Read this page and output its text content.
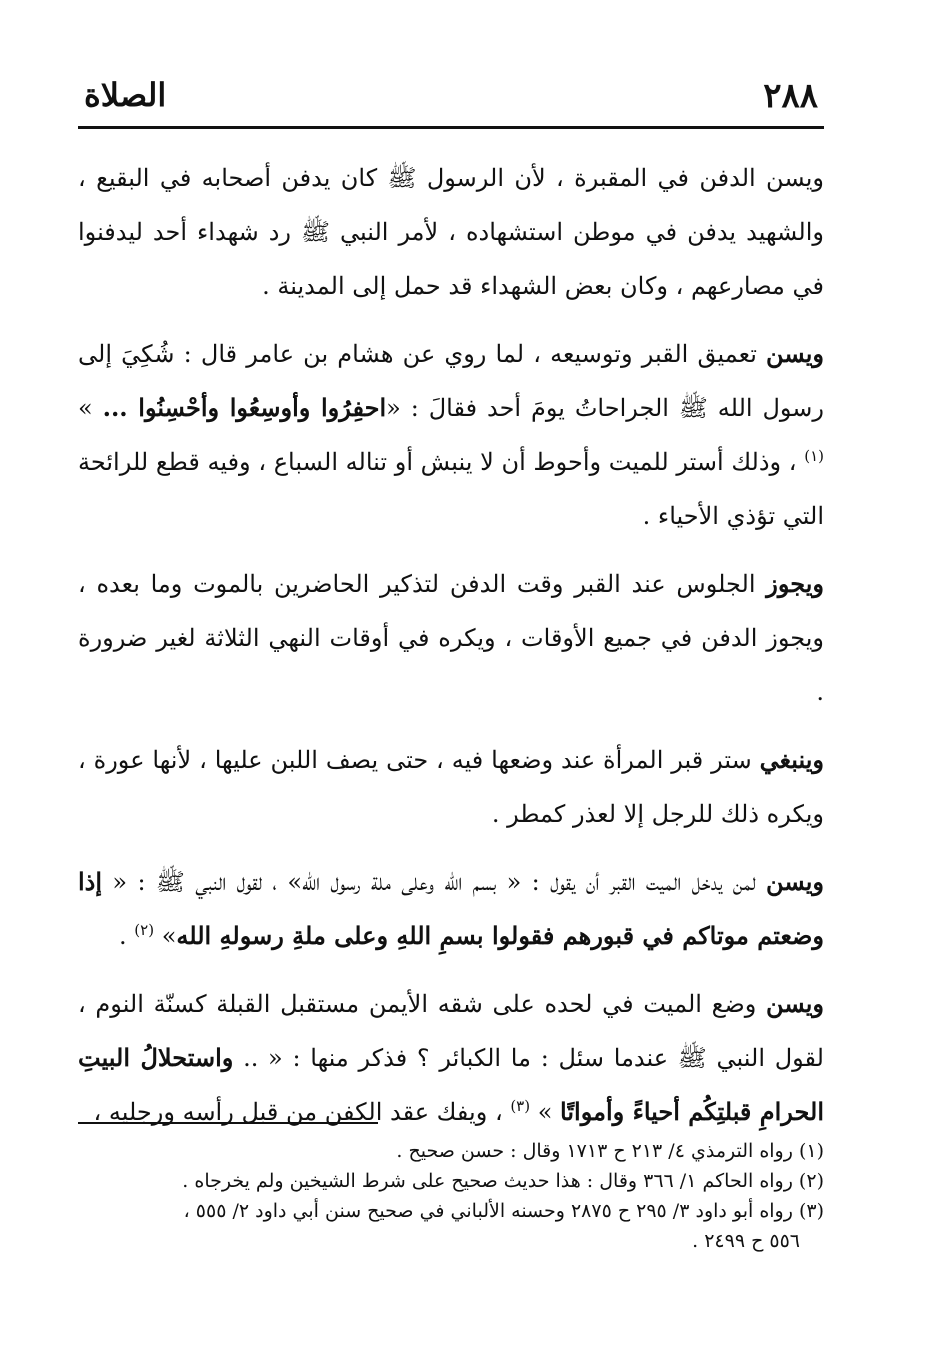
٢٨٨
الصلاة

ويسن الدفن في المقبرة ، لأن الرسول ﷺ كان يدفن أصحابه في البقيع ، والشهيد يدفن في موطن استشهاده ، لأمر النبي ﷺ رد شهداء أحد ليدفنوا في مصارعهم ، وكان بعض الشهداء قد حمل إلى المدينة .

ويسن تعميق القبر وتوسيعه ، لما روي عن هشام بن عامر قال : شُكِيَ إلى رسول الله ﷺ الجراحاتُ يومَ أحد فقالَ : «احفِرُوا وأوسِعُوا وأحْسِنُوا ... » $^{(١)}$ ، وذلك أستر للميت وأحوط أن لا ينبش أو تناله السباع ، وفيه قطع للرائحة التي تؤذي الأحياء .

ويجوز الجلوس عند القبر وقت الدفن لتذكير الحاضرين بالموت وما بعده ، ويجوز الدفن في جميع الأوقات ، ويكره في أوقات النهي الثلاثة لغير ضرورة .

وينبغي ستر قبر المرأة عند وضعها فيه ، حتى يصف اللبن عليها ، لأنها عورة ، ويكره ذلك للرجل إلا لعذر كمطر .

ويسن لمن يدخل الميت القبر أن يقول : « بسم الله وعلى ملة رسول الله» ، لقول النبي ﷺ : « إذا وضعتم موتاكم في قبورهم فقولوا بسمِ اللهِ وعلى ملةِ رسولهِ الله» $^{(٢)}$ .

ويسن وضع الميت في لحده على شقه الأيمن مستقبل القبلة كسنّة النوم ، لقول النبي ﷺ عندما سئل : ما الكبائر ؟ فذكر منها : « .. واستحلالُ البيتِ الحرامِ قبلتِكُم أحياءً وأمواتًا » $^{(٣)}$ ، ويفك عقد الكفن من قبل رأسه ورجليه ،

(١) رواه الترمذي ٤/ ٢١٣ ح ١٧١٣ وقال : حسن صحيح .

(٢) رواه الحاكم ١/ ٣٦٦ وقال : هذا حديث صحيح على شرط الشيخين ولم يخرجاه .

(٣) رواه أبو داود ٣/ ٢٩٥ ح ٢٨٧٥ وحسنه الألباني في صحيح سنن أبي داود ٢/ ٥٥٥ ،
٥٥٦ ح ٢٤٩٩ .
